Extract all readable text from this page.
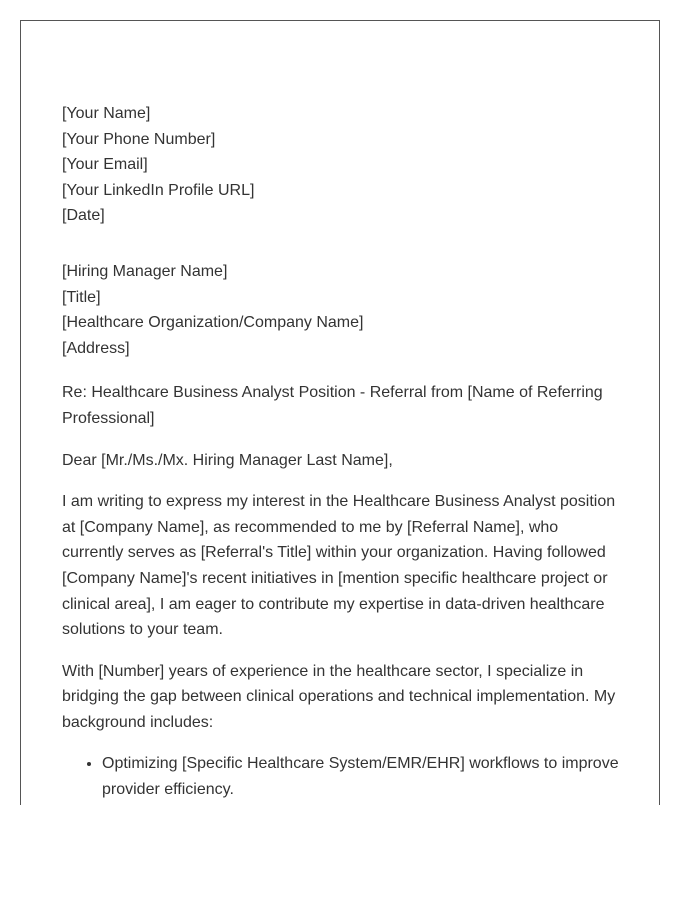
[Your Name]

[Your Phone Number]

[Your Email]

[Your LinkedIn Profile URL]

[Date]

[Hiring Manager Name]

[Title]

[Healthcare Organization/Company Name]

[Address]

Re: Healthcare Business Analyst Position - Referral from [Name of Referring Professional]

Dear [Mr./Ms./Mx. Hiring Manager Last Name],

I am writing to express my interest in the Healthcare Business Analyst position at [Company Name], as recommended to me by [Referral Name], who currently serves as [Referral's Title] within your organization. Having followed [Company Name]'s recent initiatives in [mention specific healthcare project or clinical area], I am eager to contribute my expertise in data-driven healthcare solutions to your team.

With [Number] years of experience in the healthcare sector, I specialize in bridging the gap between clinical operations and technical implementation. My background includes:

• Optimizing [Specific Healthcare System/EMR/EHR] workflows to improve provider efficiency.
